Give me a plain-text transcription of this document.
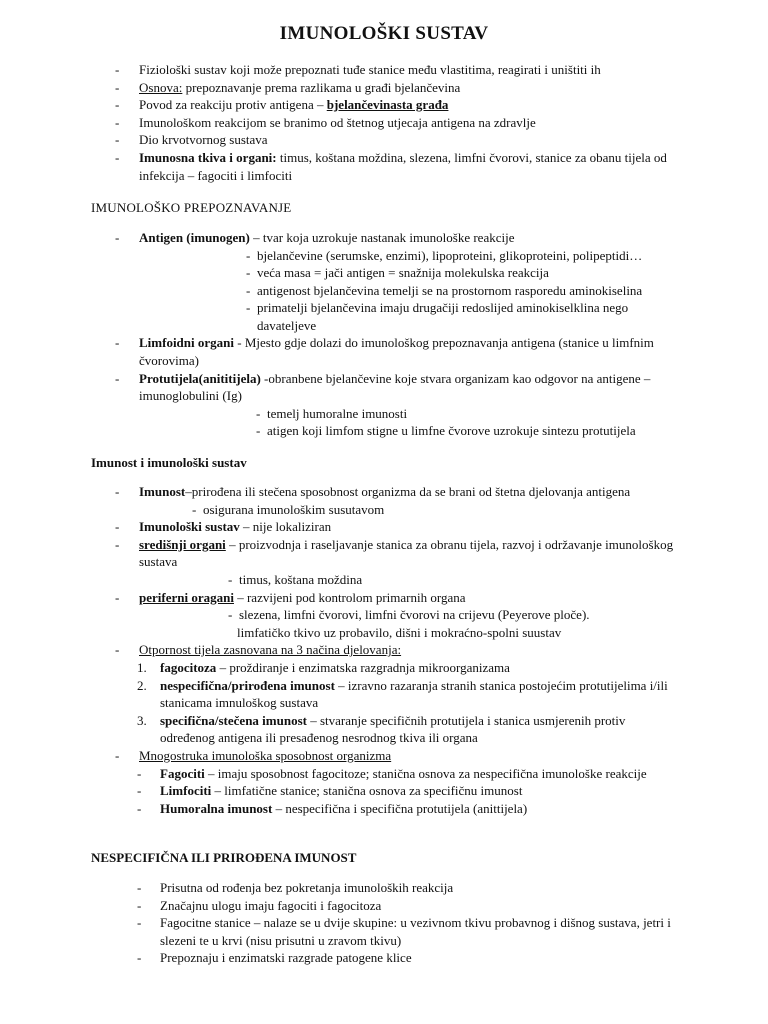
IMUNOLOŠKI SUSTAV
- Fiziološki sustav koji može prepoznati tuđe stanice među vlastitima, reagirati i uništiti ih
- Osnova: prepoznavanje prema razlikama u građi bjelančevina
- Povod za reakciju protiv antigena – bjelančevinasta građa
- Imunološkom reakcijom se branimo od štetnog utjecaja antigena na zdravlje
- Dio krvotvornog sustava
- Imunosna tkiva i organi: timus, koštana moždina, slezena, limfni čvorovi, stanice za obanu tijela od infekcija – fagociti i limfociti
IMUNOLOŠKO PREPOZNAVANJE
- Antigen (imunogen) – tvar koja uzrokuje nastanak imunološke reakcije
- bjelančevine (serumske, enzimi), lipoproteini, glikoproteini, polipeptidi…
- veća masa = jači antigen = snažnija molekulska reakcija
- antigenost bjelančevina temelji se na prostornom rasporedu aminokiselina
- primatelji bjelančevina imaju drugačiji redoslijed aminokiselklina nego davateljeve
- Limfoidni organi - Mjesto gdje dolazi do imunološkog prepoznavanja antigena (stanice u limfnim čvorovima)
- Protutijela(anititijela) -obranbene bjelančevine koje stvara organizam kao odgovor na antigene – imunoglobulini (Ig)
- temelj humoralne imunosti
- atigen koji limfom stigne u limfne čvorove uzrokuje sintezu protutijela
Imunost i imunološki sustav
- Imunost–prirođena ili stečena sposobnost organizma da se brani od štetna djelovanja antigena
- osigurana imunološkim susutavom
- Imunološki sustav – nije lokaliziran
- središnji organi – proizvodnja i raseljavanje stanica za obranu tijela, razvoj i održavanje imunološkog sustava
- timus, koštana moždina
- periferni oragani – razvijeni pod kontrolom primarnih organa
- slezena, limfni čvorovi, limfni čvorovi na crijevu (Peyerove ploče).
limfatičko tkivo uz probavilo, dišni i mokraćno-spolni suustav
- Otpornost tijela zasnovana na 3 načina djelovanja:
1. fagocitoza – proždiranje i enzimatska razgradnja mikroorganizama
2. nespecifična/prirođena imunost – izravno razaranja stranih stanica postojećim protutijelima i/ili stanicama imnuloškog sustava
3. specifična/stečena imunost – stvaranje specifičnih protutijela i stanica usmjerenih protiv određenog antigena ili presađenog nesrodnog tkiva ili organa
- Mnogostruka imunološka sposobnost organizma
- Fagociti – imaju sposobnost fagocitoze; stanična osnova za nespecifična imunološke reakcije
- Limfociti – limfatične stanice; stanična osnova za specifičnu imunost
- Humoralna imunost – nespecifična i specifična protutijela (anittijela)
NESPECIFIČNA ILI PRIROĐENA IMUNOST
- Prisutna od rođenja bez pokretanja imunoloških reakcija
- Značajnu ulogu imaju fagociti i fagocitoza
- Fagocitne stanice – nalaze se u dvije skupine: u vezivnom tkivu probavnog i dišnog sustava, jetri i slezeni te u krvi (nisu prisutni u zravom tkivu)
- Prepoznaju i enzimatski razgrade patogene klice
